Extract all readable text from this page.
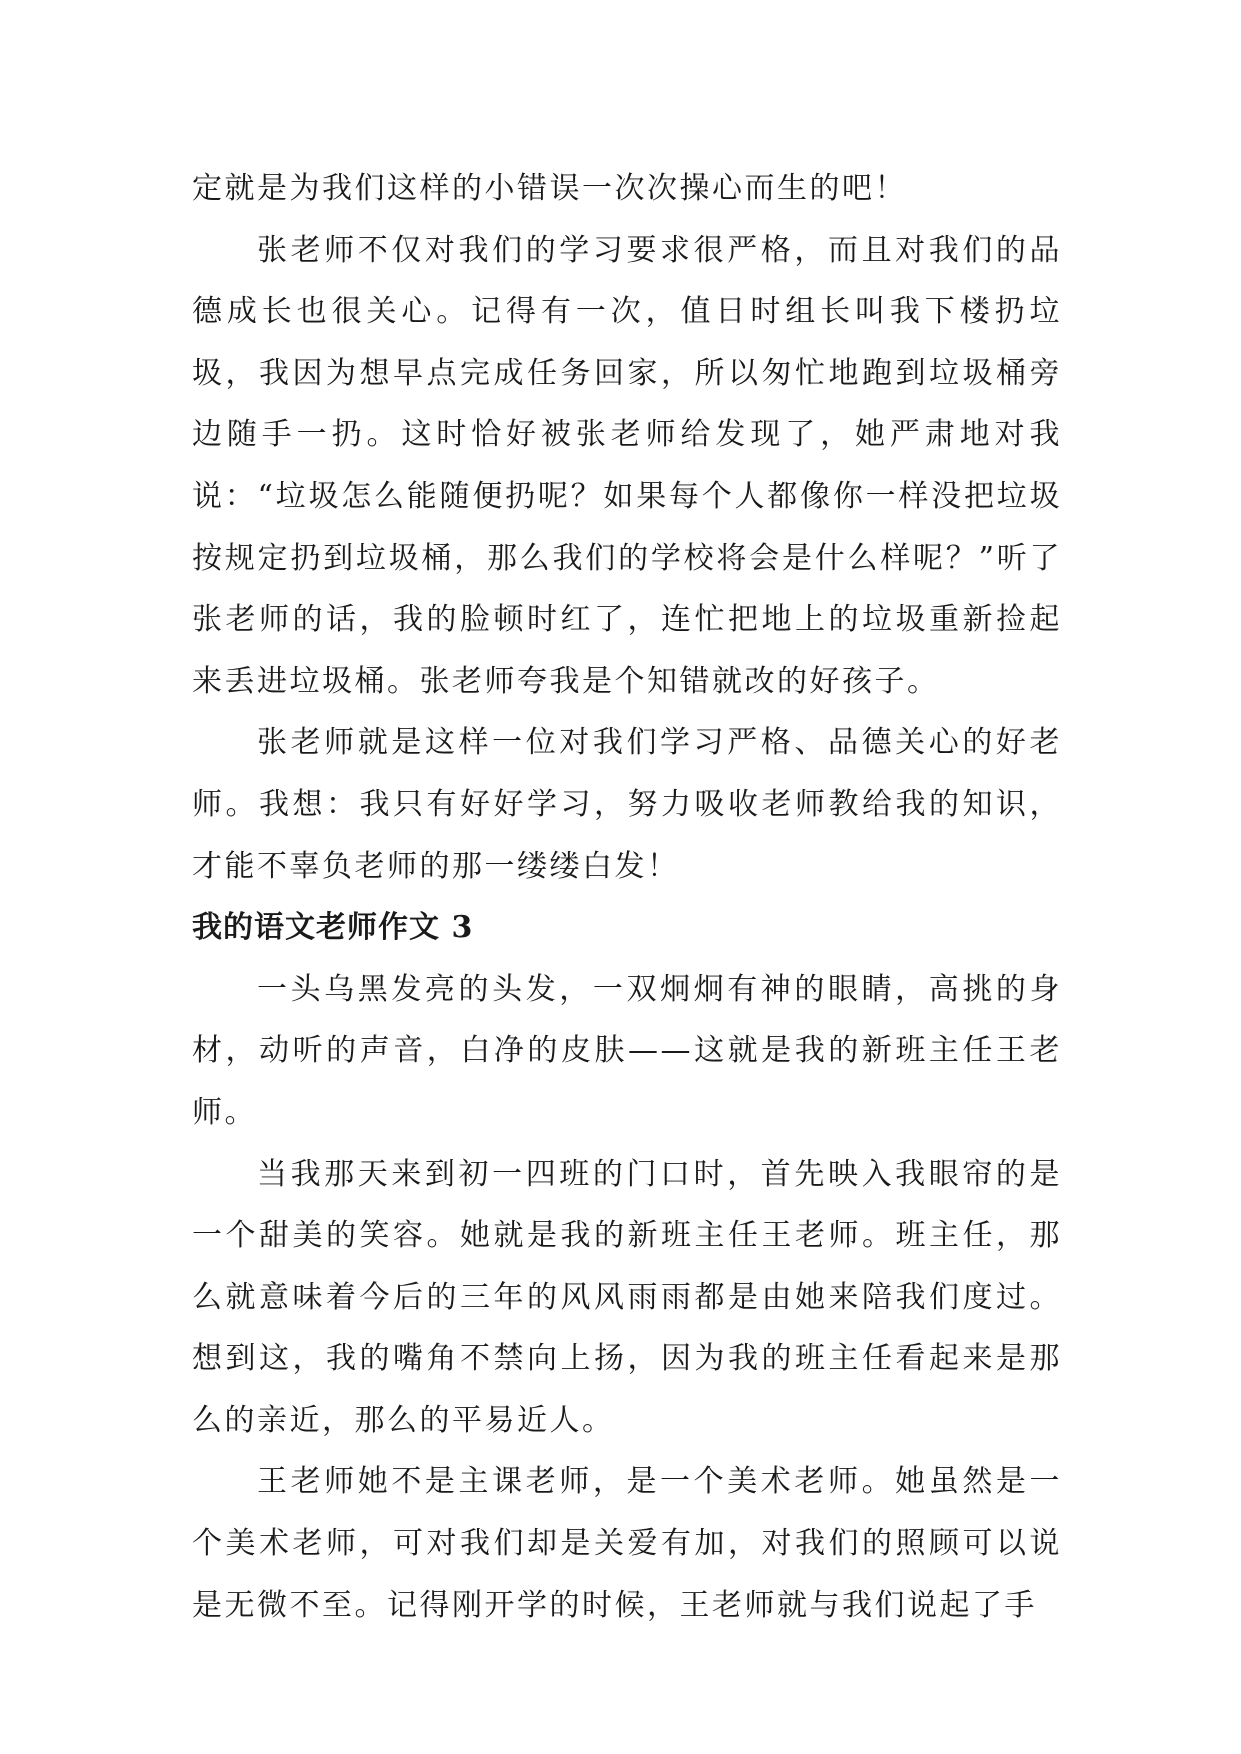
定就是为我们这样的小错误一次次操心而生的吧！

张老师不仅对我们的学习要求很严格，而且对我们的品德成长也很关心。记得有一次，值日时组长叫我下楼扔垃圾，我因为想早点完成任务回家，所以匆忙地跑到垃圾桶旁边随手一扔。这时恰好被张老师给发现了，她严肃地对我说：“垃圾怎么能随便扔呢？如果每个人都像你一样没把垃圾按规定扔到垃圾桶，那么我们的学校将会是什么样呢？”听了张老师的话，我的脸顿时红了，连忙把地上的垃圾重新捡起来丢进垃圾桶。张老师夸我是个知错就改的好孩子。

张老师就是这样一位对我们学习严格、品德关心的好老师。我想：我只有好好学习，努力吸收老师教给我的知识，才能不辜负老师的那一缕缕白发！

我的语文老师作文 3

一头乌黑发亮的头发，一双炯炯有神的眼睛，高挑的身材，动听的声音，白净的皮肤——这就是我的新班主任王老师。

当我那天来到初一四班的门口时，首先映入我眼帘的是一个甜美的笑容。她就是我的新班主任王老师。班主任，那么就意味着今后的三年的风风雨雨都是由她来陪我们度过。想到这，我的嘴角不禁向上扬，因为我的班主任看起来是那么的亲近，那么的平易近人。

王老师她不是主课老师，是一个美术老师。她虽然是一个美术老师，可对我们却是关爱有加，对我们的照顾可以说是无微不至。记得刚开学的时候，王老师就与我们说起了手
